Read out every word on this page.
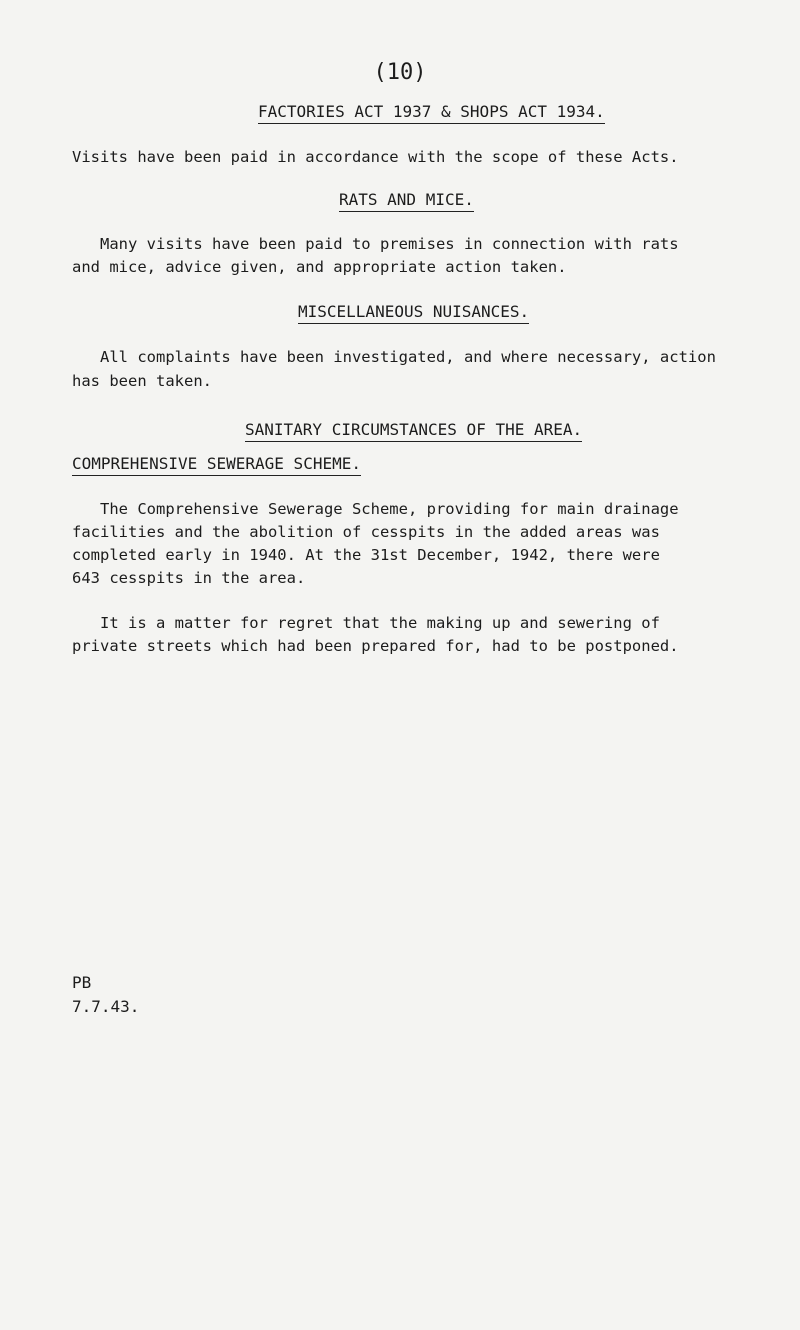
(10)
FACTORIES ACT 1937 & SHOPS ACT 1934.
Visits have been paid in accordance with the scope of these Acts.
RATS AND MICE.
Many visits have been paid to premises in connection with rats
and mice, advice given, and appropriate action taken.
MISCELLANEOUS NUISANCES.
All complaints have been investigated, and where necessary, action
has been taken.
SANITARY CIRCUMSTANCES OF THE AREA.
COMPREHENSIVE SEWERAGE SCHEME.
The Comprehensive Sewerage Scheme, providing for main drainage
facilities and the abolition of cesspits in the added areas was
completed early in 1940. At the 31st December, 1942, there were
643 cesspits in the area.
It is a matter for regret that the making up and sewering of
private streets which had been prepared for, had to be postponed.
PB
7.7.43.
